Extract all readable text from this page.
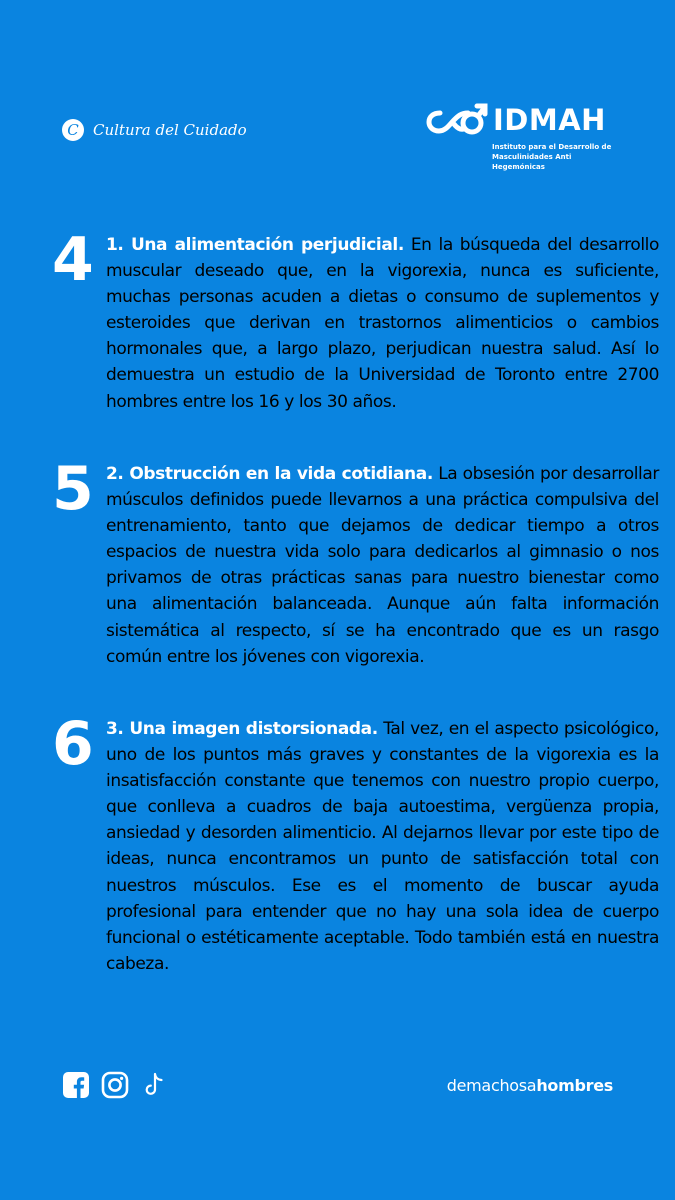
C Cultura del Cuidado	IDMAH
Instituto para el Desarrollo de
Masculinidades Anti Hegemónicas
4 1. Una alimentación perjudicial. En la búsqueda del desarrollo muscular deseado que, en la vigorexia, nunca es suficiente, muchas personas acuden a dietas o consumo de suplementos y esteroides que derivan en trastornos alimenticios o cambios hormonales que, a largo plazo, perjudican nuestra salud. Así lo demuestra un estudio de la Universidad de Toronto entre 2700 hombres entre los 16 y los 30 años.
5 2. Obstrucción en la vida cotidiana. La obsesión por desarrollar músculos definidos puede llevarnos a una práctica compulsiva del entrenamiento, tanto que dejamos de dedicar tiempo a otros espacios de nuestra vida solo para dedicarlos al gimnasio o nos privamos de otras prácticas sanas para nuestro bienestar como una alimentación balanceada. Aunque aún falta información sistemática al respecto, sí se ha encontrado que es un rasgo común entre los jóvenes con vigorexia.
6 3. Una imagen distorsionada. Tal vez, en el aspecto psicológico, uno de los puntos más graves y constantes de la vigorexia es la insatisfacción constante que tenemos con nuestro propio cuerpo, que conlleva a cuadros de baja autoestima, vergüenza propia, ansiedad y desorden alimenticio. Al dejarnos llevar por este tipo de ideas, nunca encontramos un punto de satisfacción total con nuestros músculos. Ese es el momento de buscar ayuda profesional para entender que no hay una sola idea de cuerpo funcional o estéticamente aceptable. Todo también está en nuestra cabeza.
demachosahombres
